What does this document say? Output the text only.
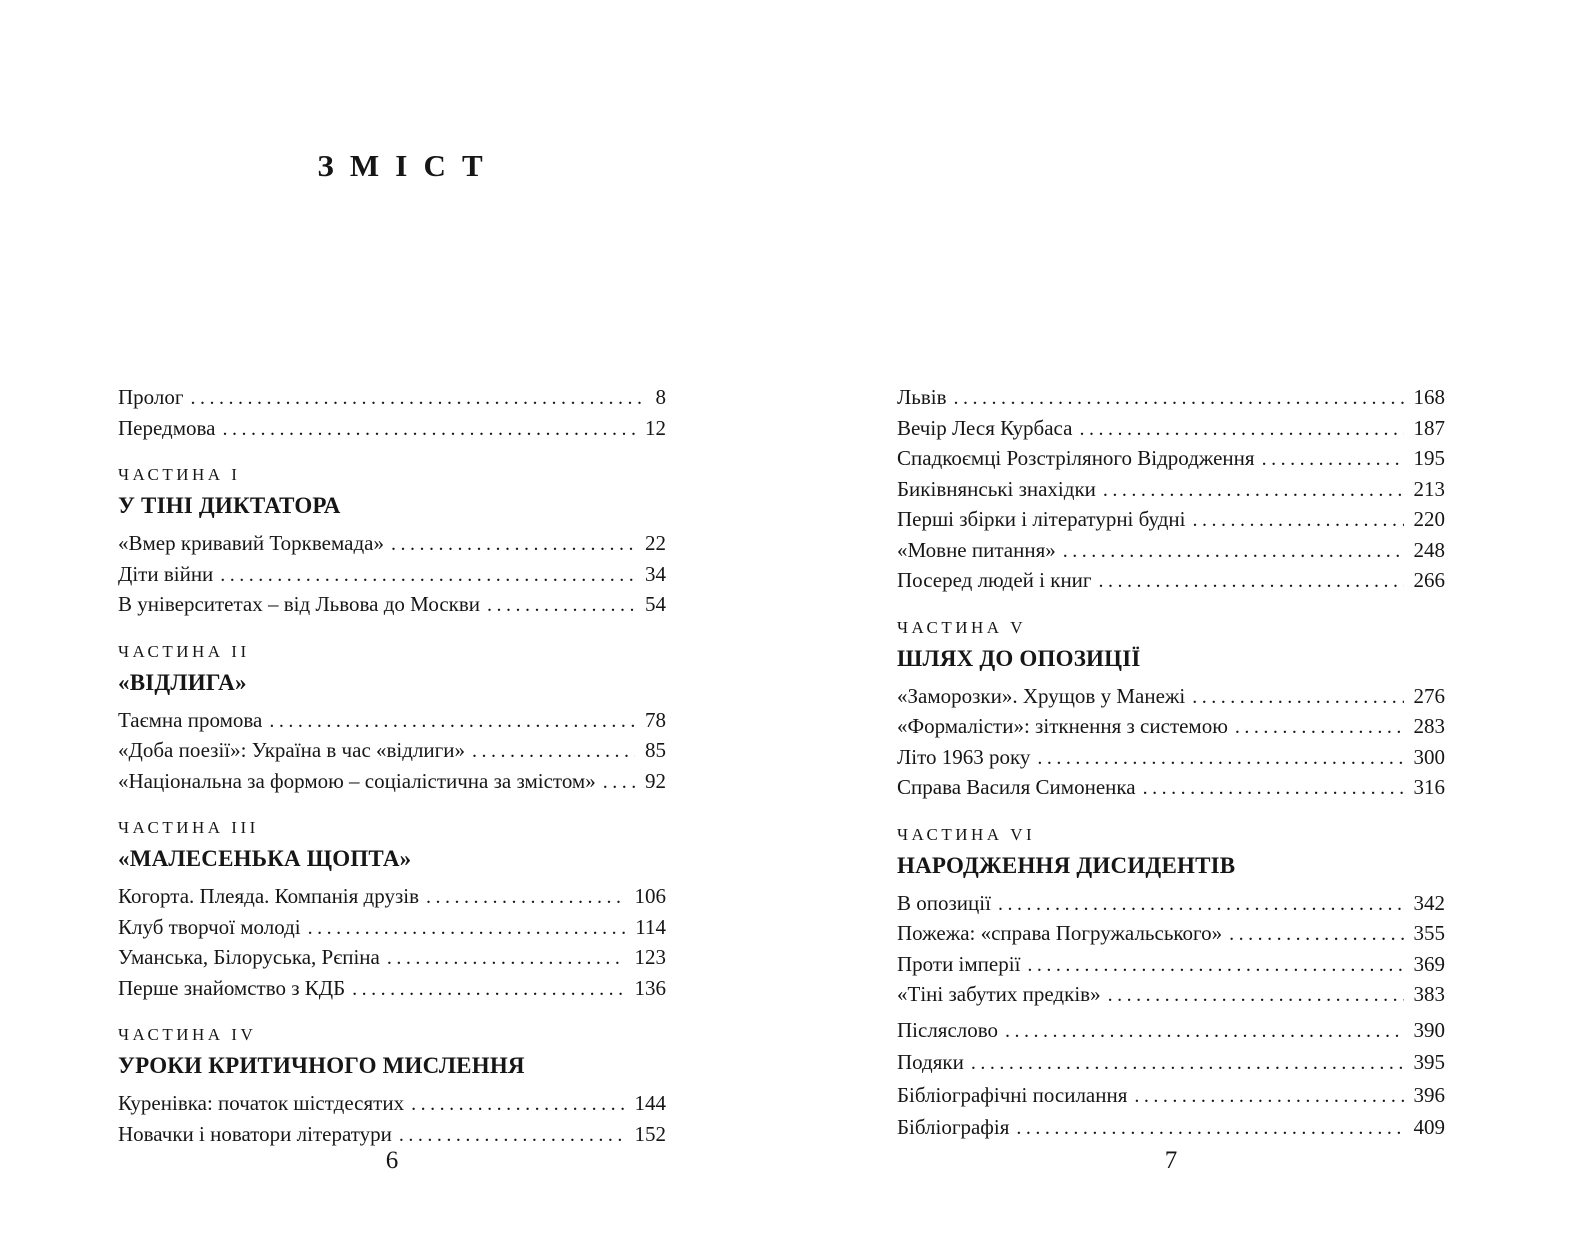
ЗМІСТ
Пролог .....	8
Передмова .....	12
ЧАСТИНА I
У ТІНІ ДИКТАТОРА
«Вмер кривавий Торквемада» .....	22
Діти війни .....	34
В університетах – від Львова до Москви .....	54
ЧАСТИНА II
«ВІДЛИГА»
Таємна промова .....	78
«Доба поезії»: Україна в час «відлиги» .....	85
«Національна за формою – соціалістична за змістом» ..... 92
ЧАСТИНА III
«МАЛЕСЕНЬКА ЩОПТА»
Когорта. Плеяда. Компанія друзів .....	106
Клуб творчої молоді .....	114
Уманська, Білоруська, Рєпіна .....	123
Перше знайомство з КДБ .....	136
ЧАСТИНА IV
УРОКИ КРИТИЧНОГО МИСЛЕННЯ
Куренівка: початок шістдесятих .....	144
Новачки і новатори літератури .....	152
Львів .....	168
Вечір Леся Курбаса .....	187
Спадкоємці Розстріляного Відродження .....	195
Биківнянські знахідки .....	213
Перші збірки і літературні будні .....	220
«Мовне питання» .....	248
Посеред людей і книг .....	266
ЧАСТИНА V
ШЛЯХ ДО ОПОЗИЦІЇ
«Заморозки». Хрущов у Манежі .....	276
«Формалісти»: зіткнення з системою .....	283
Літо 1963 року .....	300
Справа Василя Симоненка .....	316
ЧАСТИНА VI
НАРОДЖЕННЯ ДИСИДЕНТІВ
В опозиції .....	342
Пожежа: «справа Погружальського» .....	355
Проти імперії .....	369
«Тіні забутих предків» .....	383
Післяслово .....	390
Подяки .....	395
Бібліографічні посилання .....	396
Бібліографія .....	409
6	7
